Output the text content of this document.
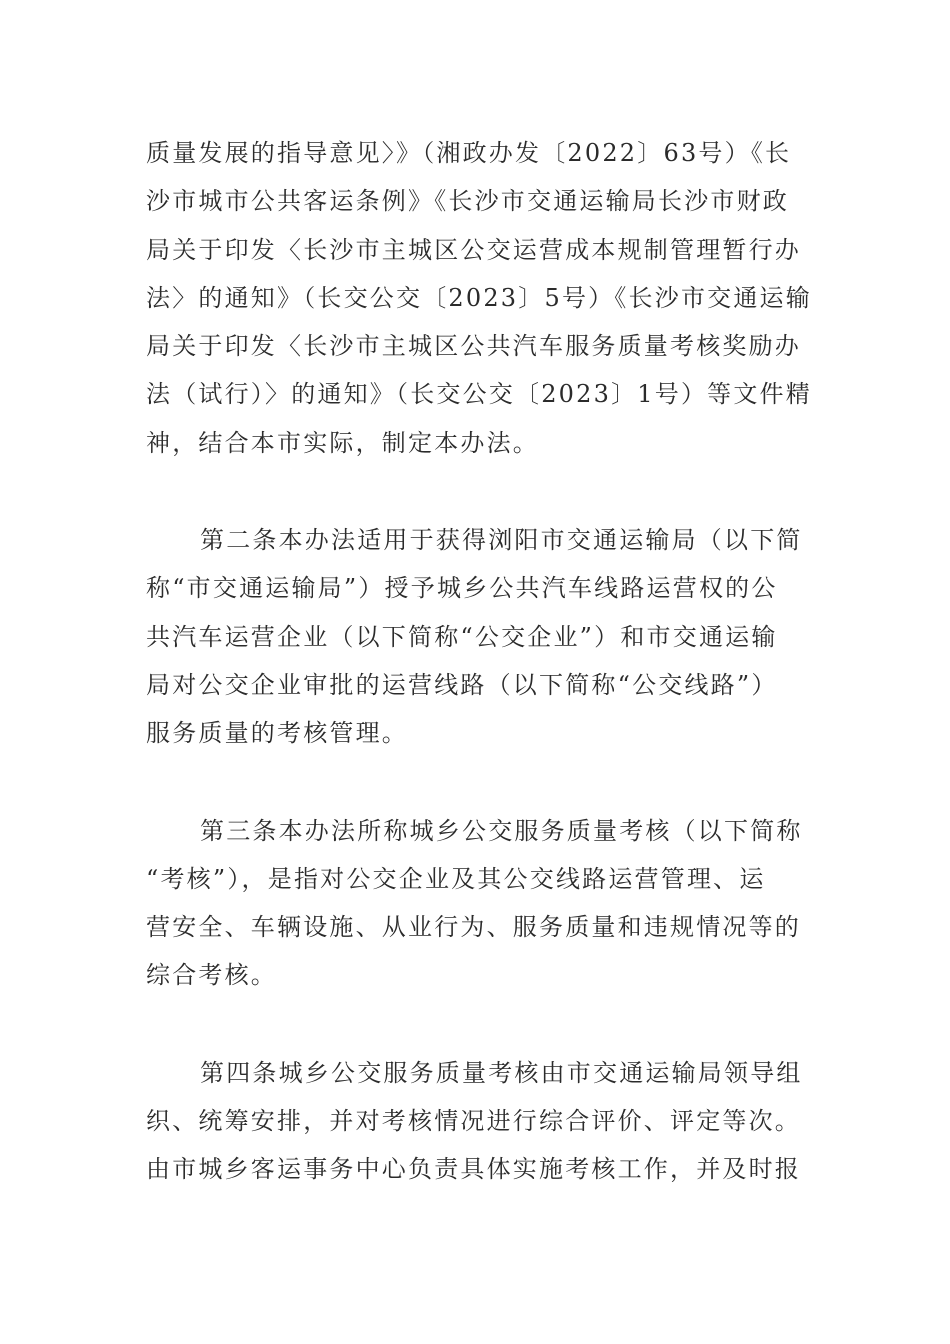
质量发展的指导意见〉》（湘政办发〔2022〕63号）《长
沙市城市公共客运条例》《长沙市交通运输局长沙市财政
局关于印发〈长沙市主城区公交运营成本规制管理暂行办
法〉的通知》（长交公交〔2023〕5号）《长沙市交通运输
局关于印发〈长沙市主城区公共汽车服务质量考核奖励办
法（试行）〉的通知》（长交公交〔2023〕1号）等文件精
神，结合本市实际，制定本办法。
第二条本办法适用于获得浏阳市交通运输局（以下简
称“市交通运输局”）授予城乡公共汽车线路运营权的公
共汽车运营企业（以下简称“公交企业”）和市交通运输
局对公交企业审批的运营线路（以下简称“公交线路”）
服务质量的考核管理。
第三条本办法所称城乡公交服务质量考核（以下简称
“考核”），是指对公交企业及其公交线路运营管理、运
营安全、车辆设施、从业行为、服务质量和违规情况等的
综合考核。
第四条城乡公交服务质量考核由市交通运输局领导组
织、统筹安排，并对考核情况进行综合评价、评定等次。
由市城乡客运事务中心负责具体实施考核工作，并及时报
